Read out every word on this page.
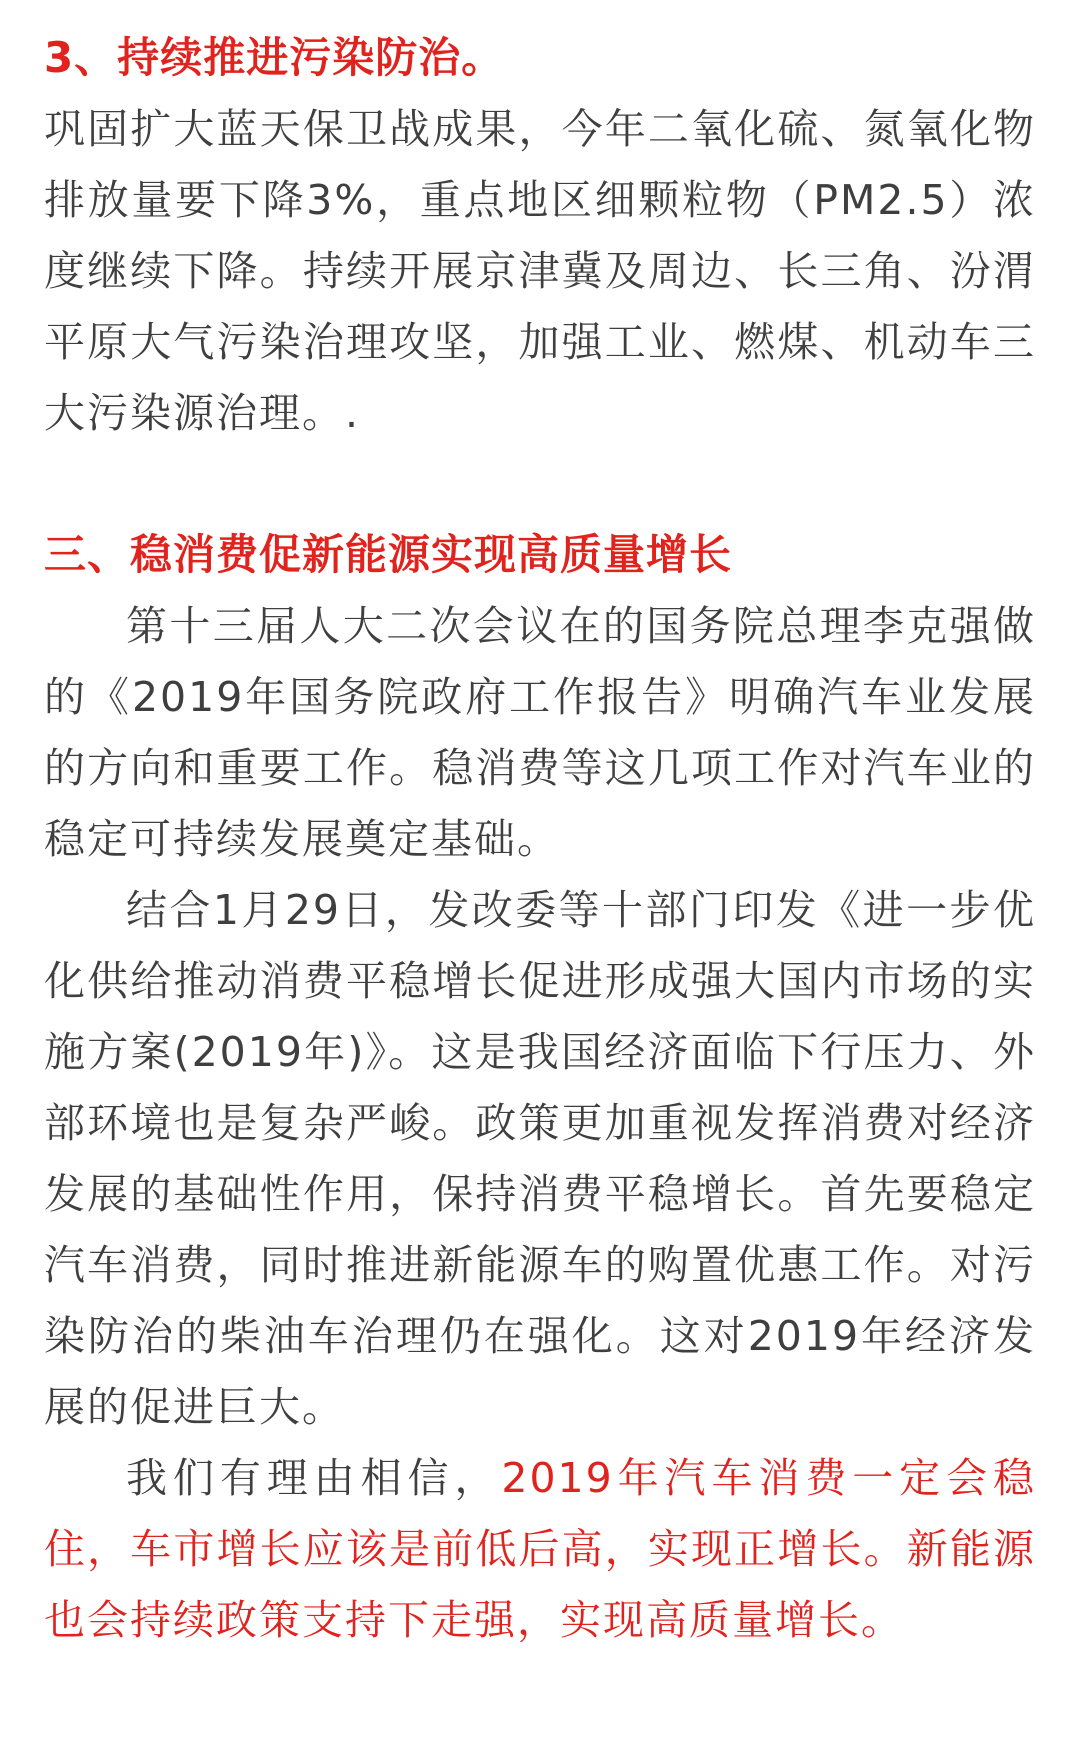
3、持续推进污染防治。

巩固扩大蓝天保卫战成果，今年二氧化硫、氮氧化物排放量要下降3%，重点地区细颗粒物（PM2.5）浓度继续下降。持续开展京津冀及周边、长三角、汾渭平原大气污染治理攻坚，加强工业、燃煤、机动车三大污染源治理。.

三、稳消费促新能源实现高质量增长

第十三届人大二次会议在的国务院总理李克强做的《2019年国务院政府工作报告》明确汽车业发展的方向和重要工作。稳消费等这几项工作对汽车业的稳定可持续发展奠定基础。

结合1月29日，发改委等十部门印发《进一步优化供给推动消费平稳增长促进形成强大国内市场的实施方案(2019年)》。这是我国经济面临下行压力、外部环境也是复杂严峻。政策更加重视发挥消费对经济发展的基础性作用，保持消费平稳增长。首先要稳定汽车消费，同时推进新能源车的购置优惠工作。对污染防治的柴油车治理仍在强化。这对2019年经济发展的促进巨大。

我们有理由相信，2019年汽车消费一定会稳住，车市增长应该是前低后高，实现正增长。新能源也会持续政策支持下走强，实现高质量增长。
